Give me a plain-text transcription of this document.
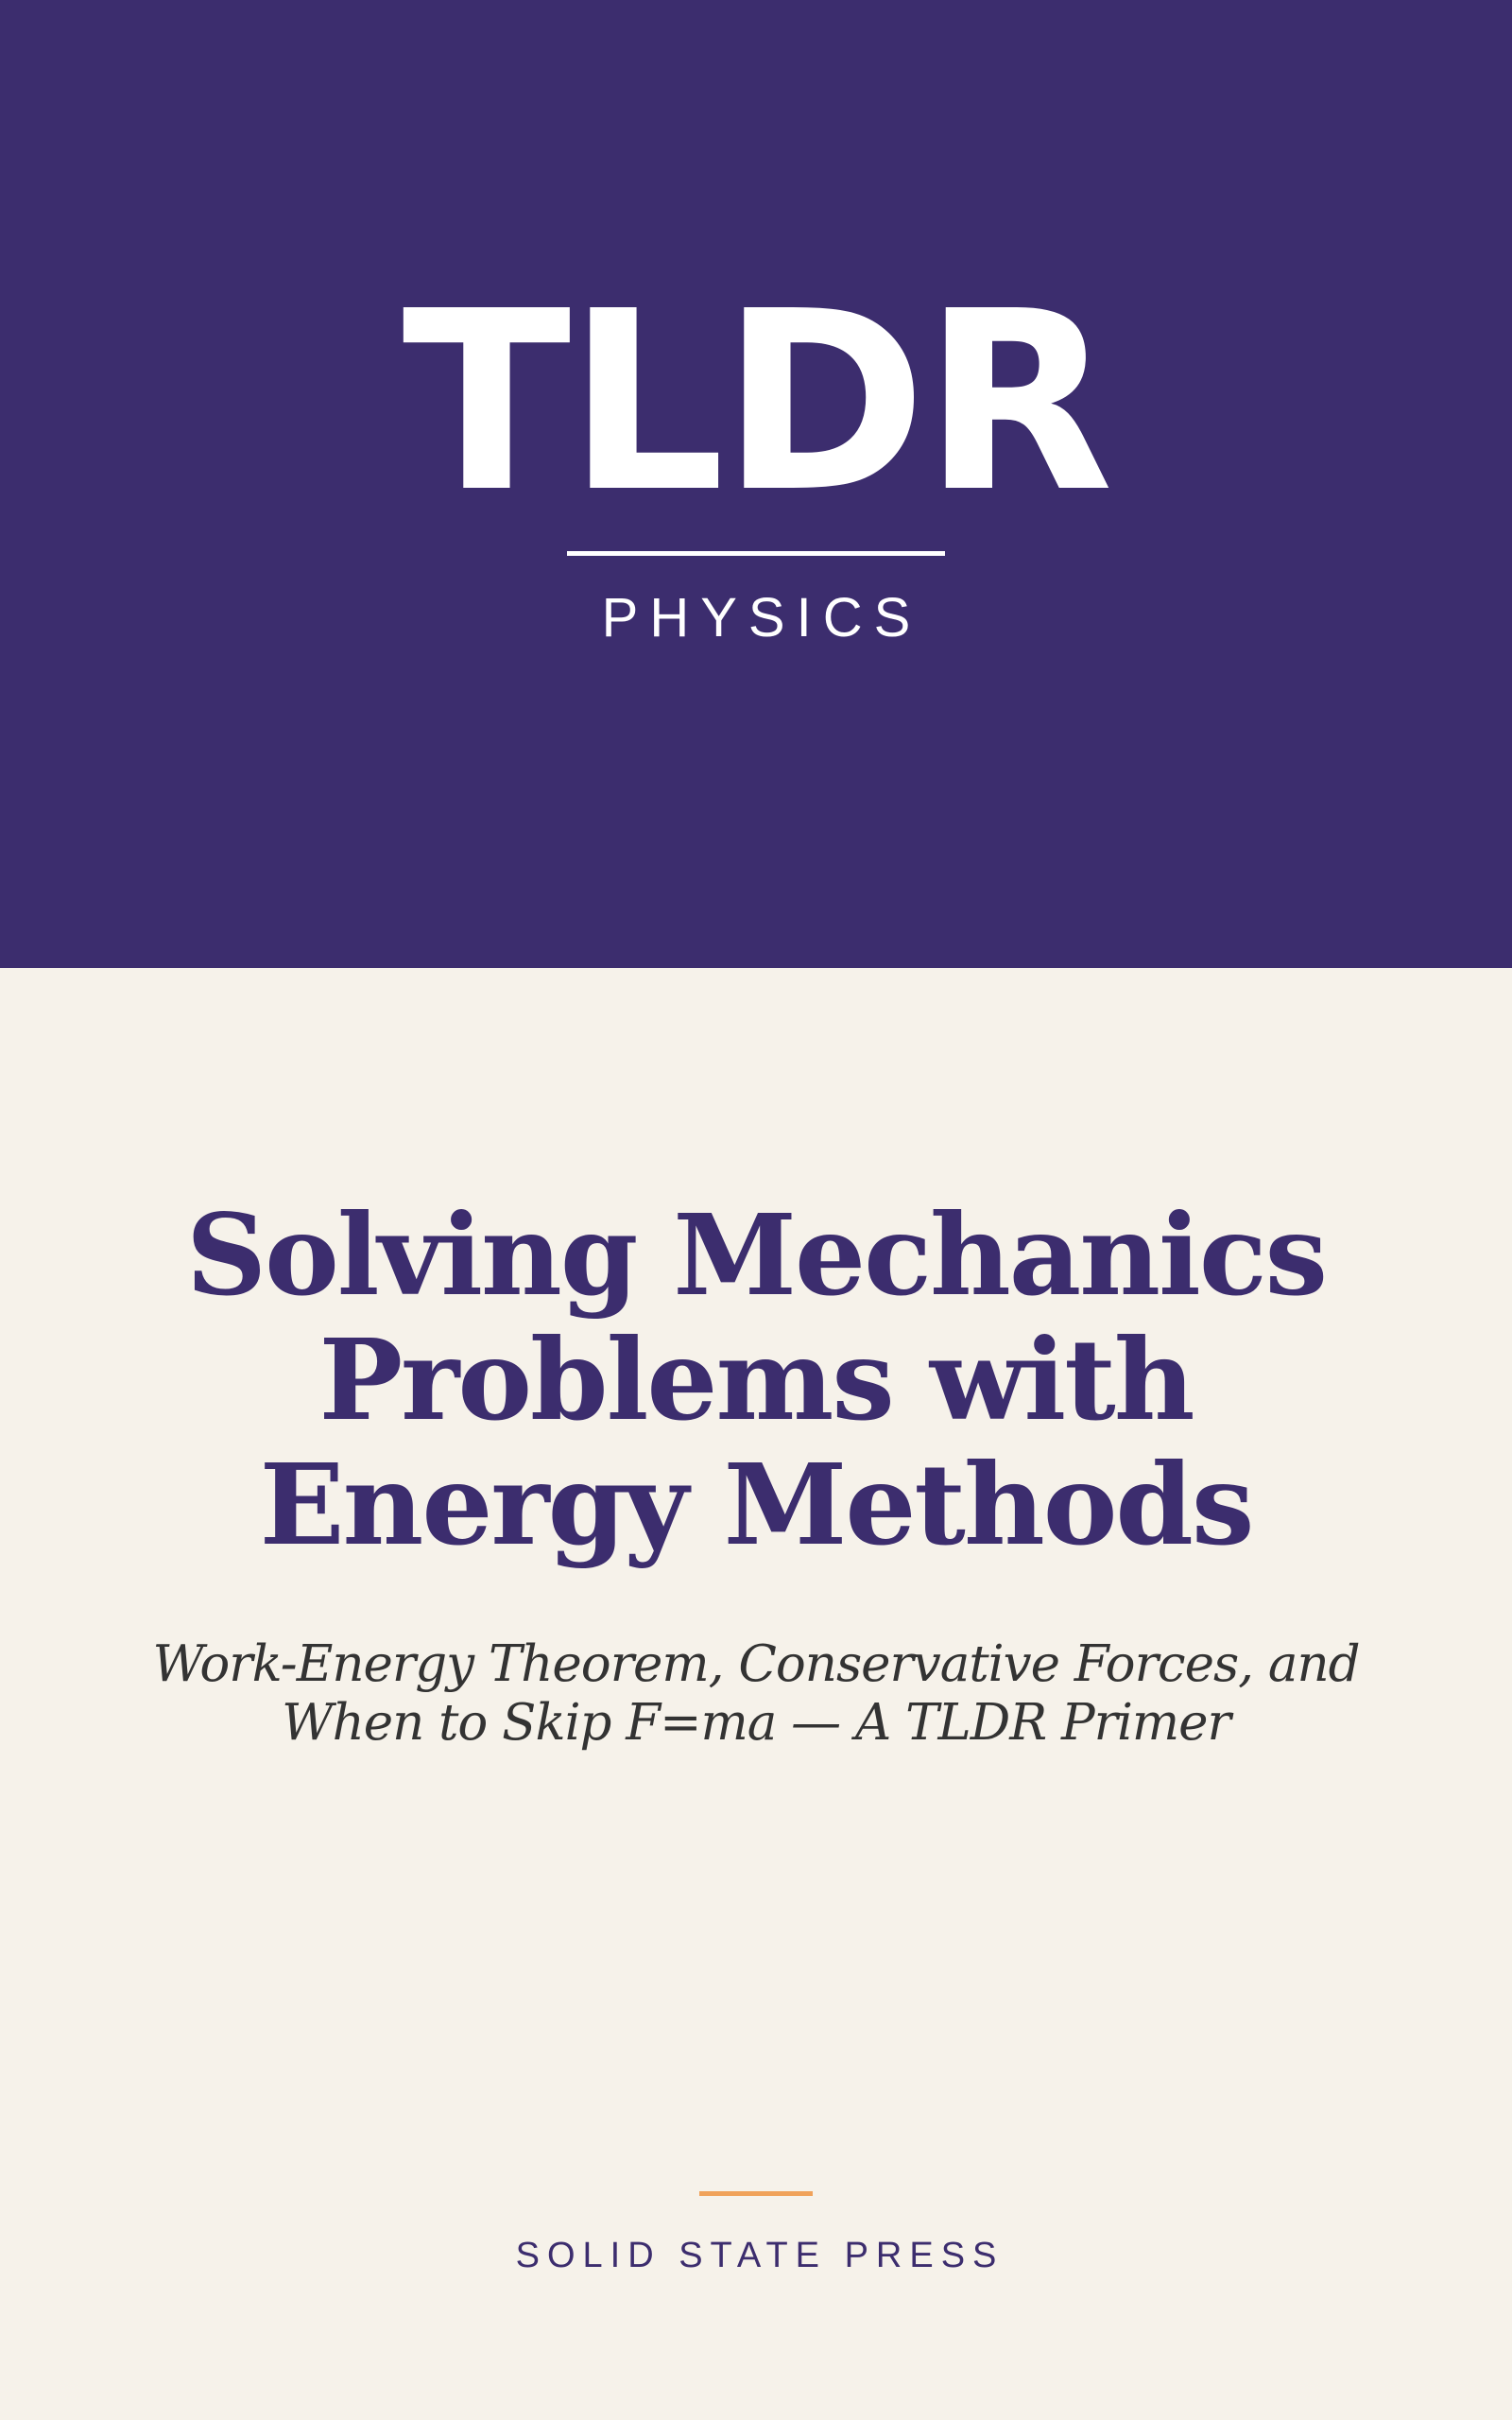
TLDR
PHYSICS
Solving Mechanics Problems with Energy Methods
Work-Energy Theorem, Conservative Forces, and When to Skip F=ma — A TLDR Primer
SOLID STATE PRESS
